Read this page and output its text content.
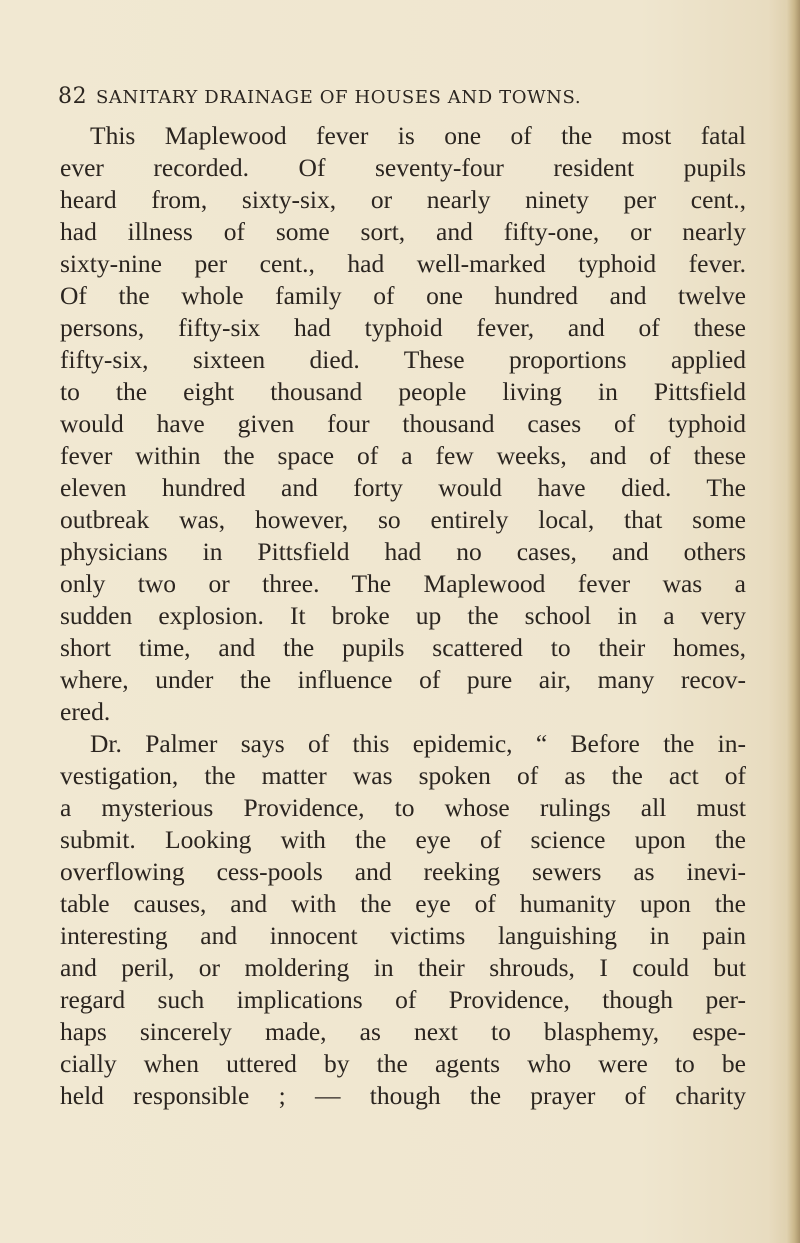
82 SANITARY DRAINAGE OF HOUSES AND TOWNS.
This Maplewood fever is one of the most fatal
ever recorded. Of seventy-four resident pupils
heard from, sixty-six, or nearly ninety per cent.,
had illness of some sort, and fifty-one, or nearly
sixty-nine per cent., had well-marked typhoid fever.
Of the whole family of one hundred and twelve
persons, fifty-six had typhoid fever, and of these
fifty-six, sixteen died. These proportions applied
to the eight thousand people living in Pittsfield
would have given four thousand cases of typhoid
fever within the space of a few weeks, and of these
eleven hundred and forty would have died. The
outbreak was, however, so entirely local, that some
physicians in Pittsfield had no cases, and others
only two or three. The Maplewood fever was a
sudden explosion. It broke up the school in a very
short time, and the pupils scattered to their homes,
where, under the influence of pure air, many recov-
ered.
Dr. Palmer says of this epidemic, “ Before the in-
vestigation, the matter was spoken of as the act of
a mysterious Providence, to whose rulings all must
submit. Looking with the eye of science upon the
overflowing cess-pools and reeking sewers as inevi-
table causes, and with the eye of humanity upon the
interesting and innocent victims languishing in pain
and peril, or moldering in their shrouds, I could but
regard such implications of Providence, though per-
haps sincerely made, as next to blasphemy, espe-
cially when uttered by the agents who were to be
held responsible ; — though the prayer of charity
